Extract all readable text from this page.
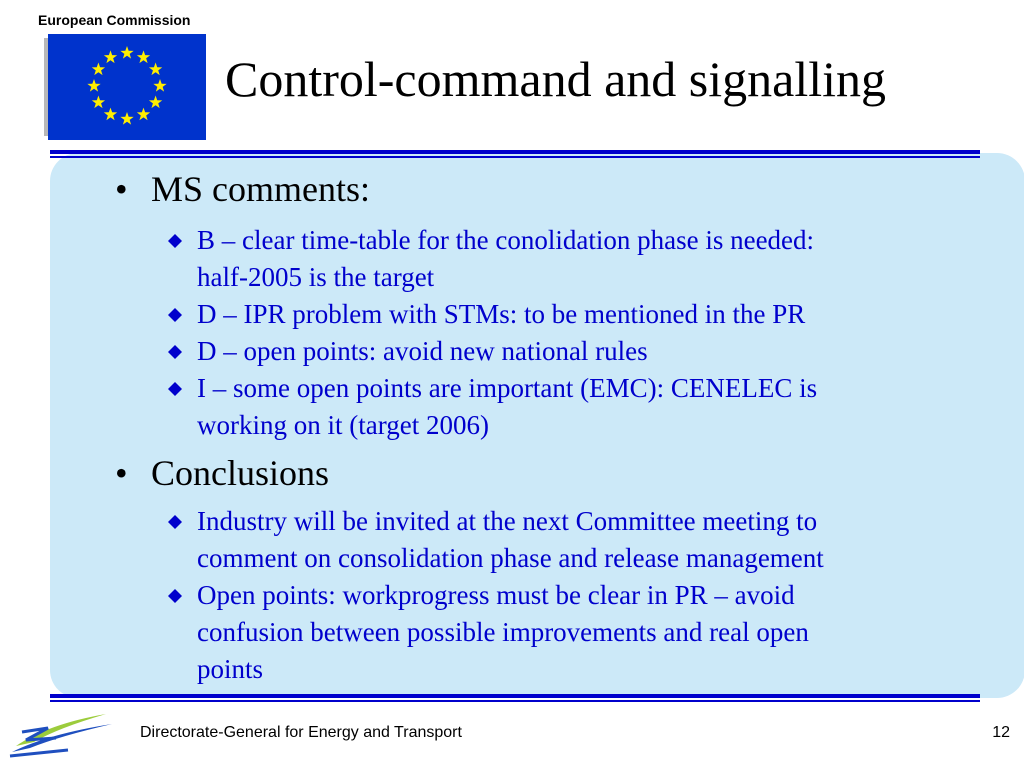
European Commission
Control-command and signalling
• MS comments:
B – clear time-table for the conolidation phase is needed:
half-2005 is the target
D – IPR problem with STMs: to be mentioned in the PR
D – open points: avoid new national rules
I – some open points are important (EMC): CENELEC is
working on it (target 2006)
• Conclusions
Industry will be invited at the next Committee meeting to
comment on consolidation phase and release management
Open points: workprogress must be clear in PR – avoid
confusion between possible improvements and real open
points
Directorate-General for Energy and Transport	12
